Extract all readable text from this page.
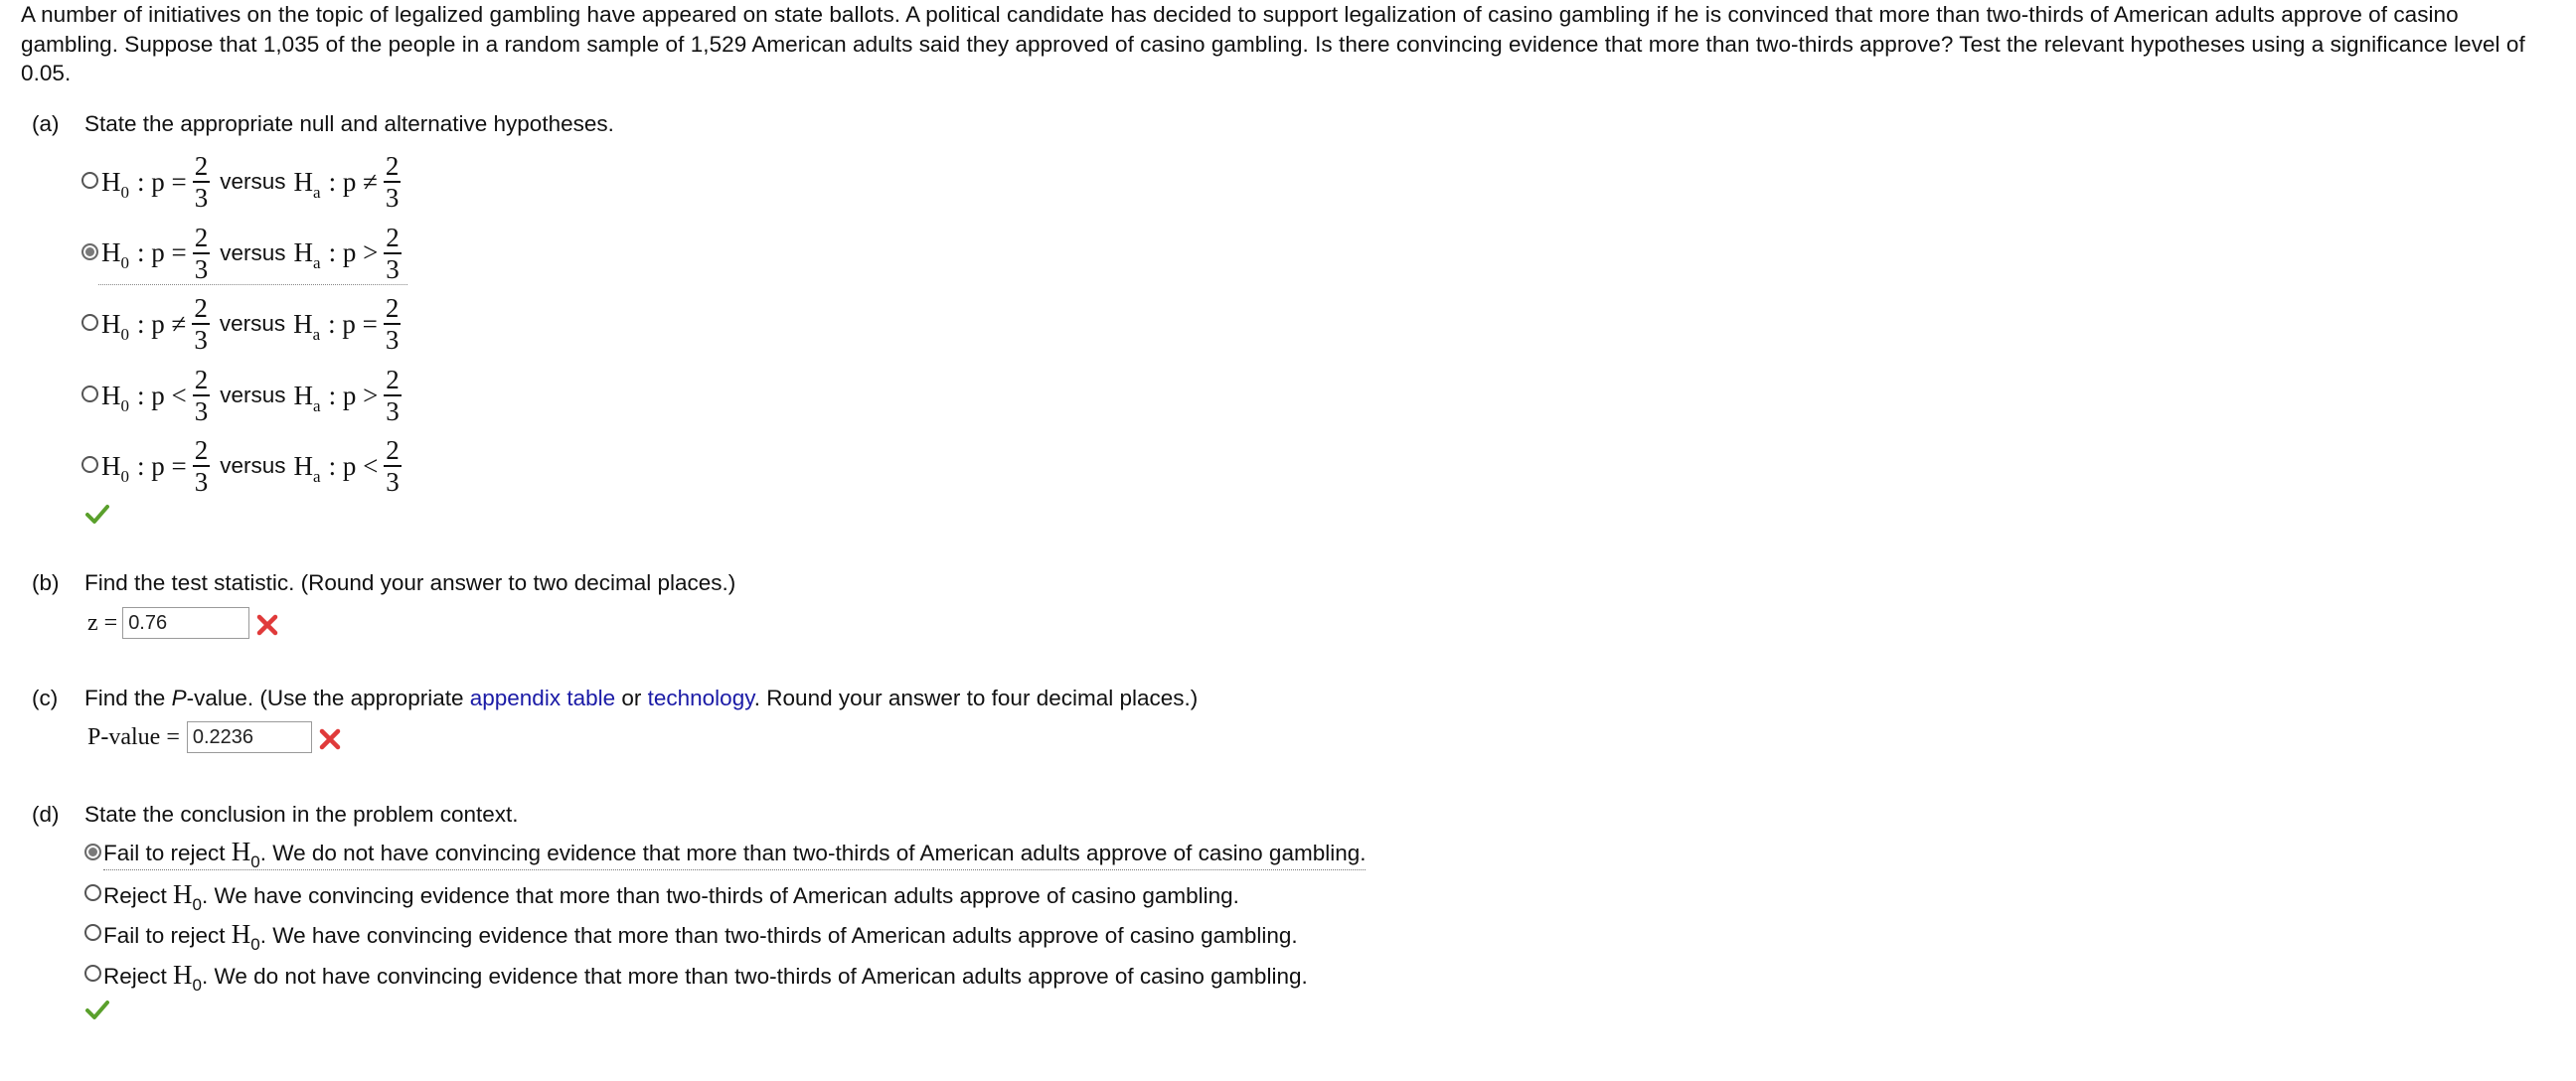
A number of initiatives on the topic of legalized gambling have appeared on state ballots. A political candidate has decided to support legalization of casino gambling if he is convinced that more than two-thirds of American adults approve of casino gambling. Suppose that 1,035 of the people in a random sample of 1,529 American adults said they approved of casino gambling. Is there convincing evidence that more than two-thirds approve? Test the relevant hypotheses using a significance level of 0.05.
(a) State the appropriate null and alternative hypotheses.
$H_0$ : $p = \frac{2}{3}$ versus $H_a$ : $p \ne \frac{2}{3}$
$H_0$ : $p = \frac{2}{3}$ versus $H_a$ : $p > \frac{2}{3}$
$H_0$ : $p \ne \frac{2}{3}$ versus $H_a$ : $p = \frac{2}{3}$
$H_0$ : $p < \frac{2}{3}$ versus $H_a$ : $p > \frac{2}{3}$
$H_0$ : $p = \frac{2}{3}$ versus $H_a$ : $p < \frac{2}{3}$
(b) Find the test statistic. (Round your answer to two decimal places.)
z = 0.76
(c) Find the P-value. (Use the appropriate appendix table or technology. Round your answer to four decimal places.)
P-value = 0.2236
(d) State the conclusion in the problem context.
Fail to reject $H_0$. We do not have convincing evidence that more than two-thirds of American adults approve of casino gambling.
Reject $H_0$. We have convincing evidence that more than two-thirds of American adults approve of casino gambling.
Fail to reject $H_0$. We have convincing evidence that more than two-thirds of American adults approve of casino gambling.
Reject $H_0$. We do not have convincing evidence that more than two-thirds of American adults approve of casino gambling.
